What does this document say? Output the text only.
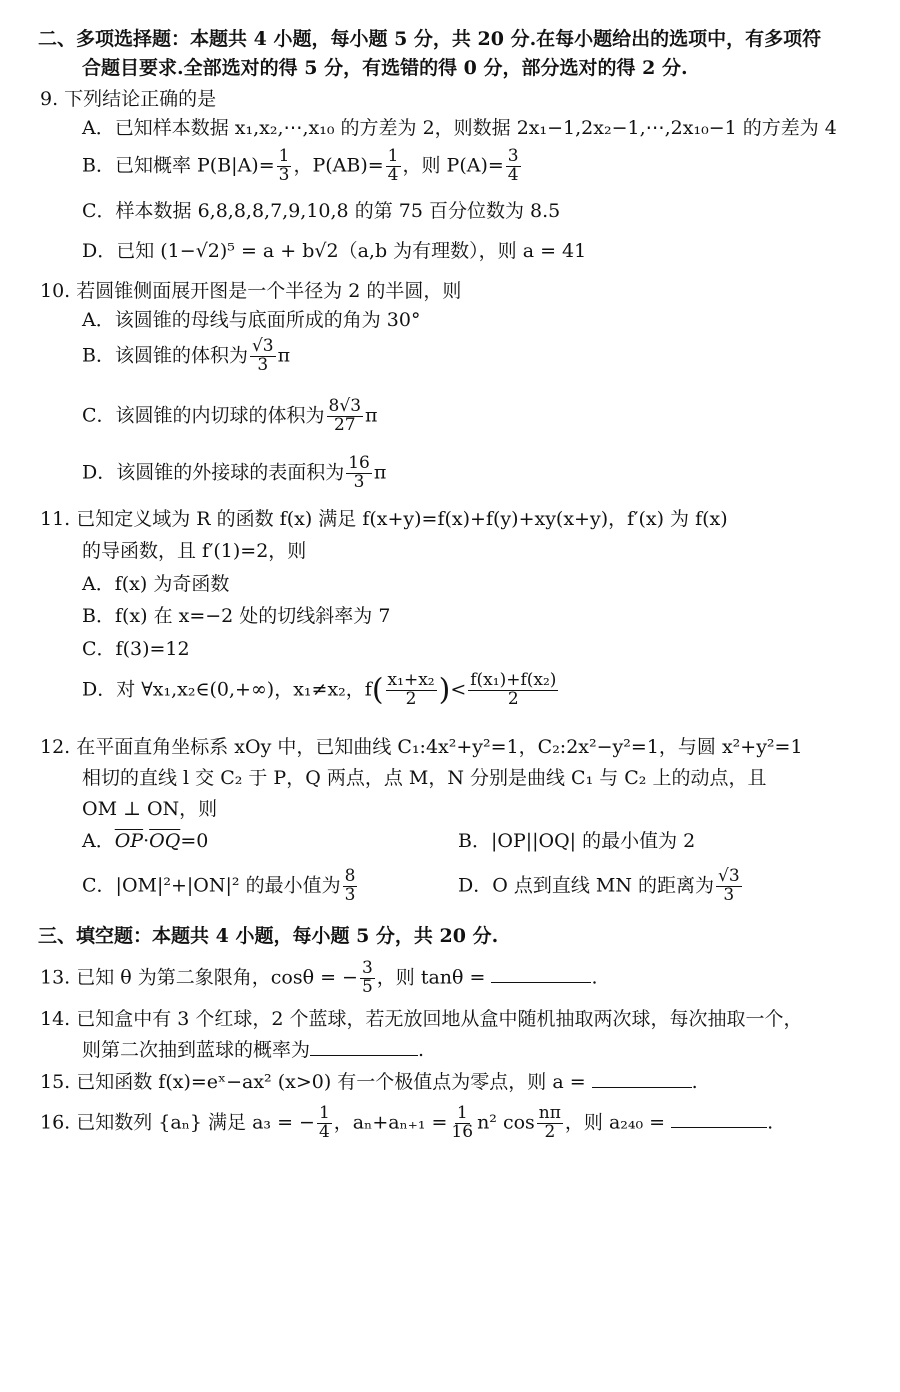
二、多项选择题：本题共 4 小题，每小题 5 分，共 20 分.在每小题给出的选项中，有多项符
合题目要求.全部选对的得 5 分，有选错的得 0 分，部分选对的得 2 分.
9. 下列结论正确的是
A．已知样本数据 x₁,x₂,⋯,x₁₀ 的方差为 2，则数据 2x₁−1,2x₂−1,⋯,2x₁₀−1 的方差为 4
B．已知概率 $P(B|A)= \frac{1}{3}$ ，$P(AB)= \frac{1}{4}$ ，则 $P(A)= \frac{3}{4}$
C．样本数据 6,8,8,8,7,9,10,8 的第 75 百分位数为 8.5
D．已知 (1−√2)⁵ = a + b√2（a,b 为有理数），则 a = 41
10. 若圆锥侧面展开图是一个半径为 2 的半圆，则
A．该圆锥的母线与底面所成的角为 30°
B．该圆锥的体积为 $\frac{√3}{3}$ π
C．该圆锥的内切球的体积为 $\frac{8√3}{27}$ π
D．该圆锥的外接球的表面积为 $\frac{16}{3}$ π
11. 已知定义域为 R 的函数 f(x) 满足 f(x+y)=f(x)+f(y)+xy(x+y)，f′(x) 为 f(x)
的导函数，且 f′(1)=2，则
A．f(x) 为奇函数
B．f(x) 在 x=−2 处的切线斜率为 7
C．f(3)=12
D．对 ∀x₁,x₂∈(0,+∞)，x₁≠x₂，$f( \frac{\text{x₁+x₂}}{2}$ )< $\frac{\text{f(x₁)+f(x₂)}}{2}$
12. 在平面直角坐标系 xOy 中，已知曲线 C₁:4x²+y²=1，C₂:2x²−y²=1，与圆 x²+y²=1
相切的直线 l 交 C₂ 于 P，Q 两点，点 M，N 分别是曲线 C₁ 与 C₂ 上的动点，且
OM ⊥ ON，则
A．$\overline{OP}\cdot\overline{OQ}=0$	B．|OP||OQ| 的最小值为 2
C．|OM|²+|ON|² 的最小值为 $\frac{8}{3}$	D．O 点到直线 MN 的距离为 $\frac{√3}{3}$
三、填空题：本题共 4 小题，每小题 5 分，共 20 分.
13. 已知 θ 为第二象限角，cosθ = − $\frac{3}{5}$ ，则 tanθ =	.
14. 已知盒中有 3 个红球，2 个蓝球，若无放回地从盒中随机抽取两次球，每次抽取一个，
则第二次抽到蓝球的概率为	.
15. 已知函数 f(x)=eˣ−ax² (x>0) 有一个极值点为零点，则 a =	.
16. 已知数列 {aₙ} 满足 a₃ = − $\frac{1}{4}$ ，$a_n+a_{n+1} = \frac{1}{16} n^2$ $\cos \frac{n\pi}{2}$ ，则 a₂₄₀ =	.
